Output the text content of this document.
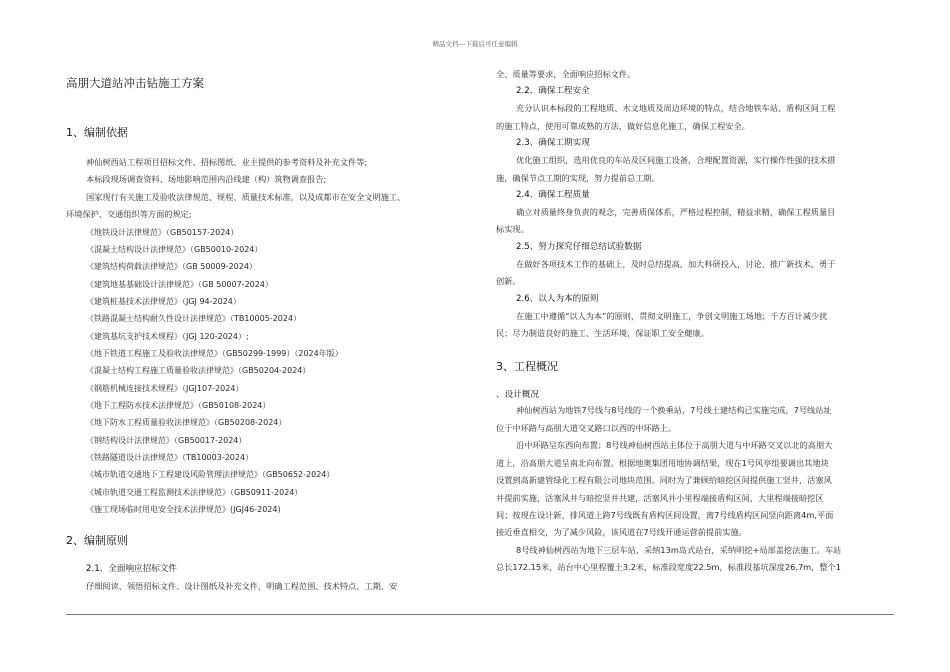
精品文档---下载后可任意编辑
高朋大道站冲击钻施工方案
1、编制依据
神仙树西站工程项目招标文件、招标图纸、业主提供的参考资料及补充文件等;
本标段现场调查资料、场地影响范围内沿线建（构）筑物调查报告;
国家现行有关施工及验收法律规范、规程、质量技术标准，以及成都市在安全文明施工、
环境保护、交通组织等方面的规定;
《地铁设计法律规范》（GB50157-2024）
《混凝土结构设计法律规范》（GB50010-2024）
《建筑结构荷载法律规范》（GB 50009-2024）
《建筑地基基础设计法律规范》（GB 50007-2024）
《建筑桩基技术法律规范》（JGJ 94-2024）
《铁路混凝土结构耐久性设计法律规范》（TB10005-2024）
《建筑基坑支护技术规程》（JGJ 120-2024）;
《地下铁道工程施工及验收法律规范》（GB50299-1999）（2024年版）
《混凝土结构工程施工质量验收法律规范》（GB50204-2024）
《钢筋机械连接技术规程》（JGJ107-2024）
《地下工程防水技术法律规范》（GB50108-2024）
《地下防水工程质量验收法律规范》（GB50208-2024）
《钢结构设计法律规范》（GB50017-2024）
《铁路隧道设计法律规范》（TB10003-2024）
《城市轨道交通地下工程建设风险管理法律规范》（GB50652-2024）
《城市轨道交通工程监测技术法律规范》（GB50911-2024）
《施工现场临时用电安全技术法律规范》(JGJ46-2024)
2、编制原则
2.1、全面响应招标文件
仔细阅读、领悟招标文件、设计图纸及补充文件，明确工程范围、技术特点、工期、安
全、质量等要求，全面响应招标文件。
2.2、确保工程安全
充分认识本标段的工程地质、水文地质及周边环境的特点，结合地铁车站、盾构区间工程
的施工特点，使用可靠成熟的方法，做好信息化施工，确保工程安全。
2.3、确保工期实现
优化施工组织，选用优良的车站及区间施工设备，合理配置资源，实行操作性强的技术措
施，确保节点工期的实现，努力提前总工期。
2.4、确保工程质量
确立对质量终身负责的观念，完善质保体系，严格过程控制，精益求精，确保工程质量目
标实现。
2.5、努力探究仔细总结试验数据
在做好各项技术工作的基础上，及时总结提高，加大科研投入，讨论、推广新技术，勇于
创新。
2.6、以人为本的原则
在施工中遵循“以人为本”的原则，贯彻文明施工，争创文明施工场地；千方百计减少扰
民；尽力制造良好的施工、生活环境，保证职工安全健康。
3、工程概况
、设计概况
神仙树西站为地铁7号线与8号线的一个换乘站，7号线土建结构已实施完成，7号线站址
位于中环路与高朋大道交叉路口以西的中环路上。
沿中环路呈东西向布置；8号线神仙树西站主体位于高朋大道与中环路交叉以北的高朋大
道上，沿高朋大道呈南北向布置。根据地奥集团用地协调结果，现在1号风亭组要调出其地块
设置到高新建管绿化工程有限公司地块范围。同时为了兼顾给暗挖区间提供施工竖井，活塞风
井提前实施，活塞风井与暗挖竖井共建，活塞风井小里程端接盾构区间，大里程端接暗挖区
间；按现在设计新、排风道上跨7号线既有盾构区间设置，离7号线盾构区间竖向距离4m,平面
接近垂直相交，为了减少风险，该风道在7号线开通运营前提前实施。
8号线神仙树西站为地下三层车站，采纳13m岛式站台，采纳明挖+局部盖挖法施工。车站
总长172.15米，站台中心里程覆土3.2米，标准段宽度22.5m，标准段基坑深度26.7m，整个1
